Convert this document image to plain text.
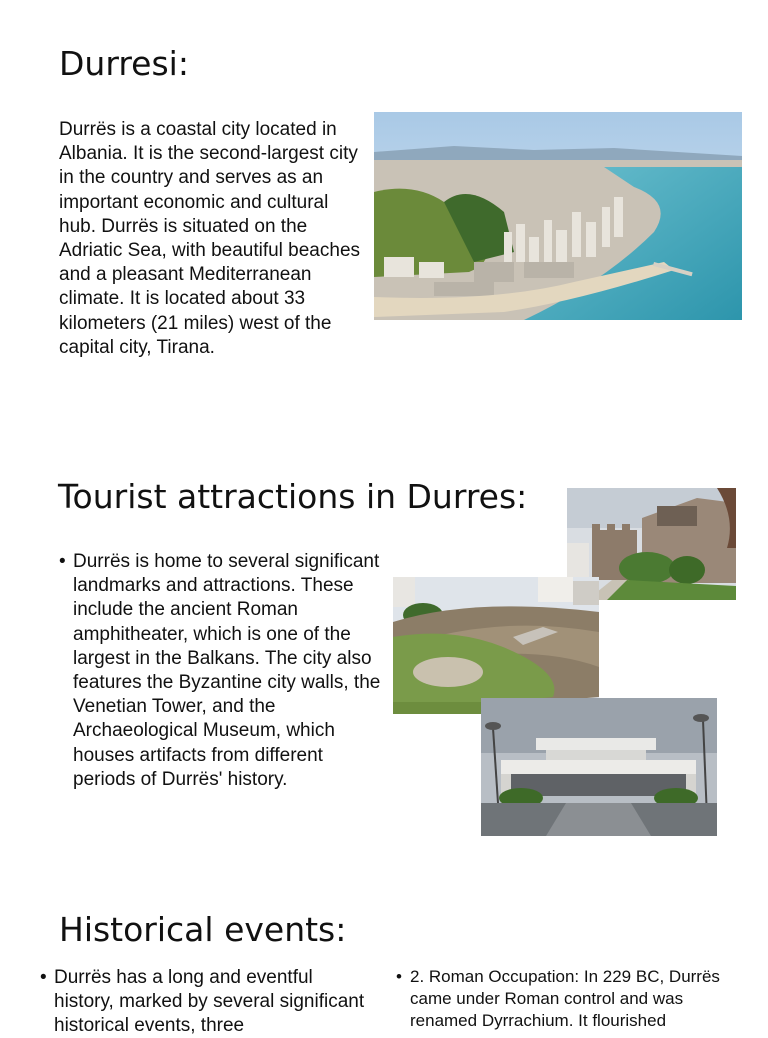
Durresi:
Durrës is a coastal city located in Albania. It is the second-largest city in the country and serves as an important economic and cultural hub. Durrës is situated on the Adriatic Sea, with beautiful beaches and a pleasant Mediterranean climate. It is located about 33 kilometers (21 miles) west of the capital city, Tirana.
Tourist attractions in Durres:
• Durrës is home to several significant landmarks and attractions. These include the ancient Roman amphitheater, which is one of the largest in the Balkans. The city also features the Byzantine city walls, the Venetian Tower, and the Archaeological Museum, which houses artifacts from different periods of Durrës' history.
Historical events:
• Durrës has a long and eventful history, marked by several significant historical events, three
• 2. Roman Occupation: In 229 BC, Durrës came under Roman control and was renamed Dyrrachium. It flourished
